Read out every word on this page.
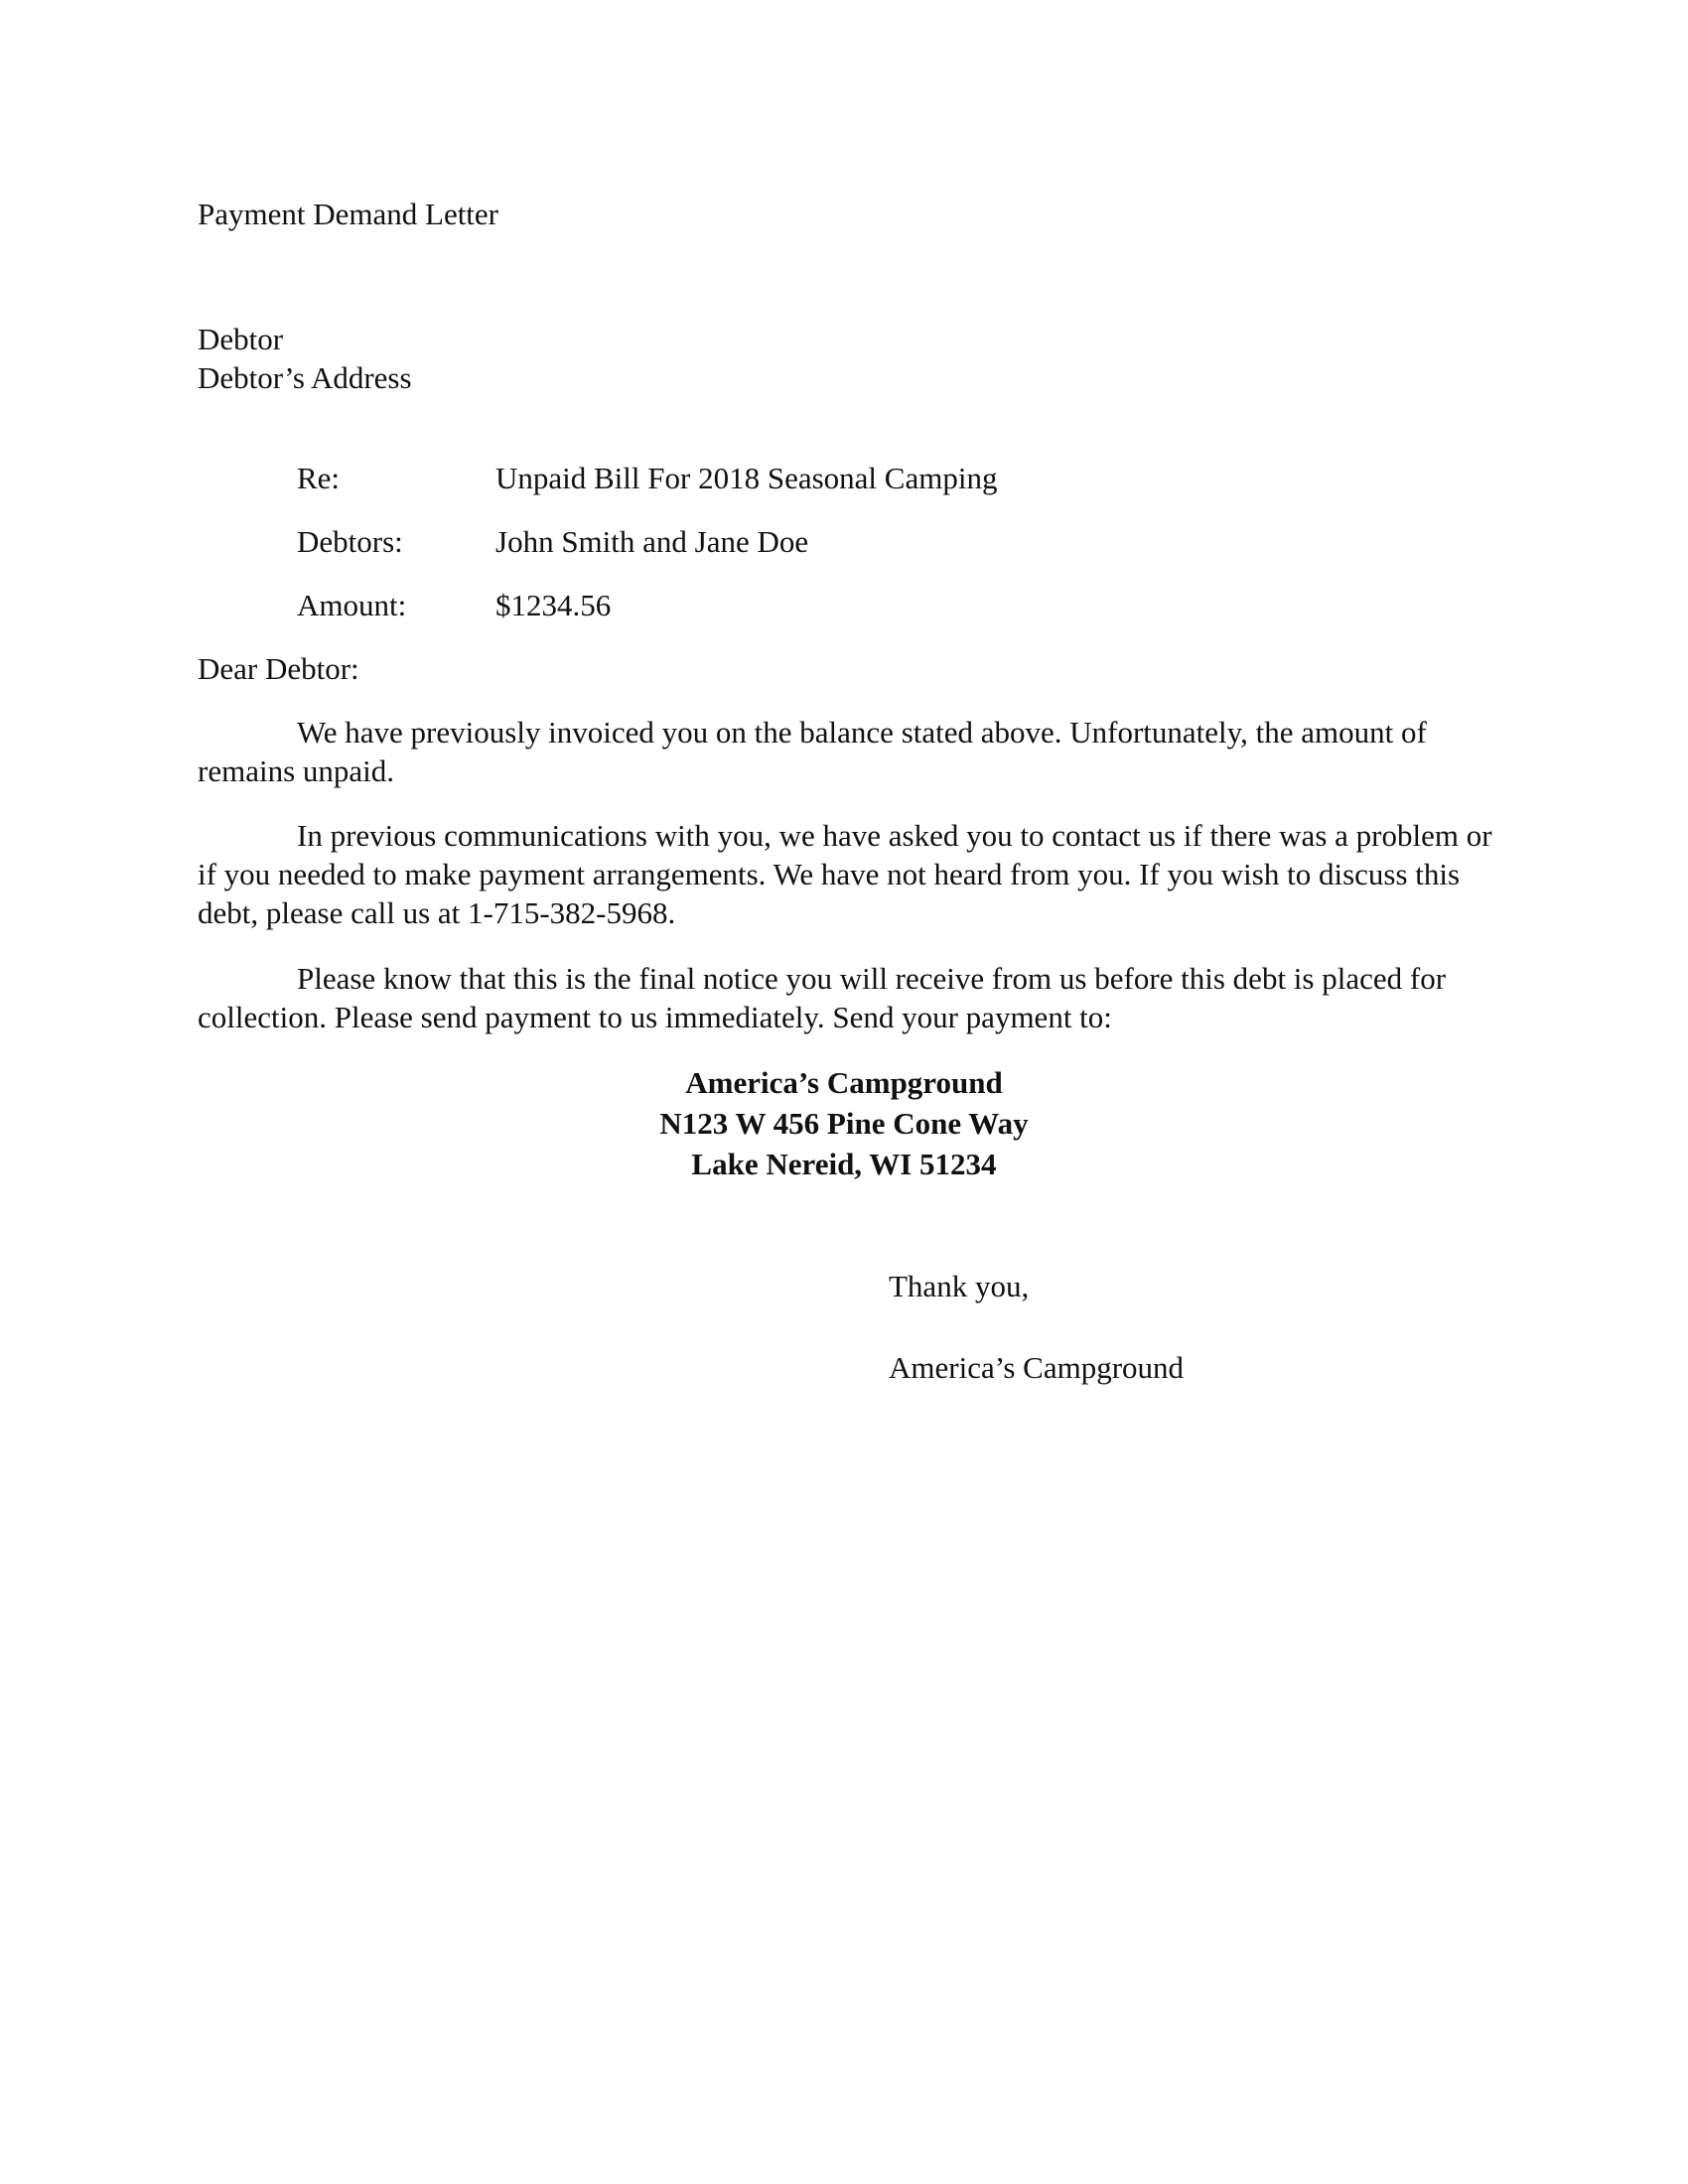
Payment Demand Letter
Debtor
Debtor’s Address
Re:	Unpaid Bill For 2018 Seasonal Camping
Debtors:	John Smith and Jane Doe
Amount:	$1234.56
Dear Debtor:
We have previously invoiced you on the balance stated above. Unfortunately, the amount of remains unpaid.
In previous communications with you, we have asked you to contact us if there was a problem or if you needed to make payment arrangements. We have not heard from you. If you wish to discuss this debt, please call us at 1-715-382-5968.
Please know that this is the final notice you will receive from us before this debt is placed for collection. Please send payment to us immediately. Send your payment to:
America’s Campground
N123 W 456 Pine Cone Way
Lake Nereid, WI 51234
Thank you,
America’s Campground
